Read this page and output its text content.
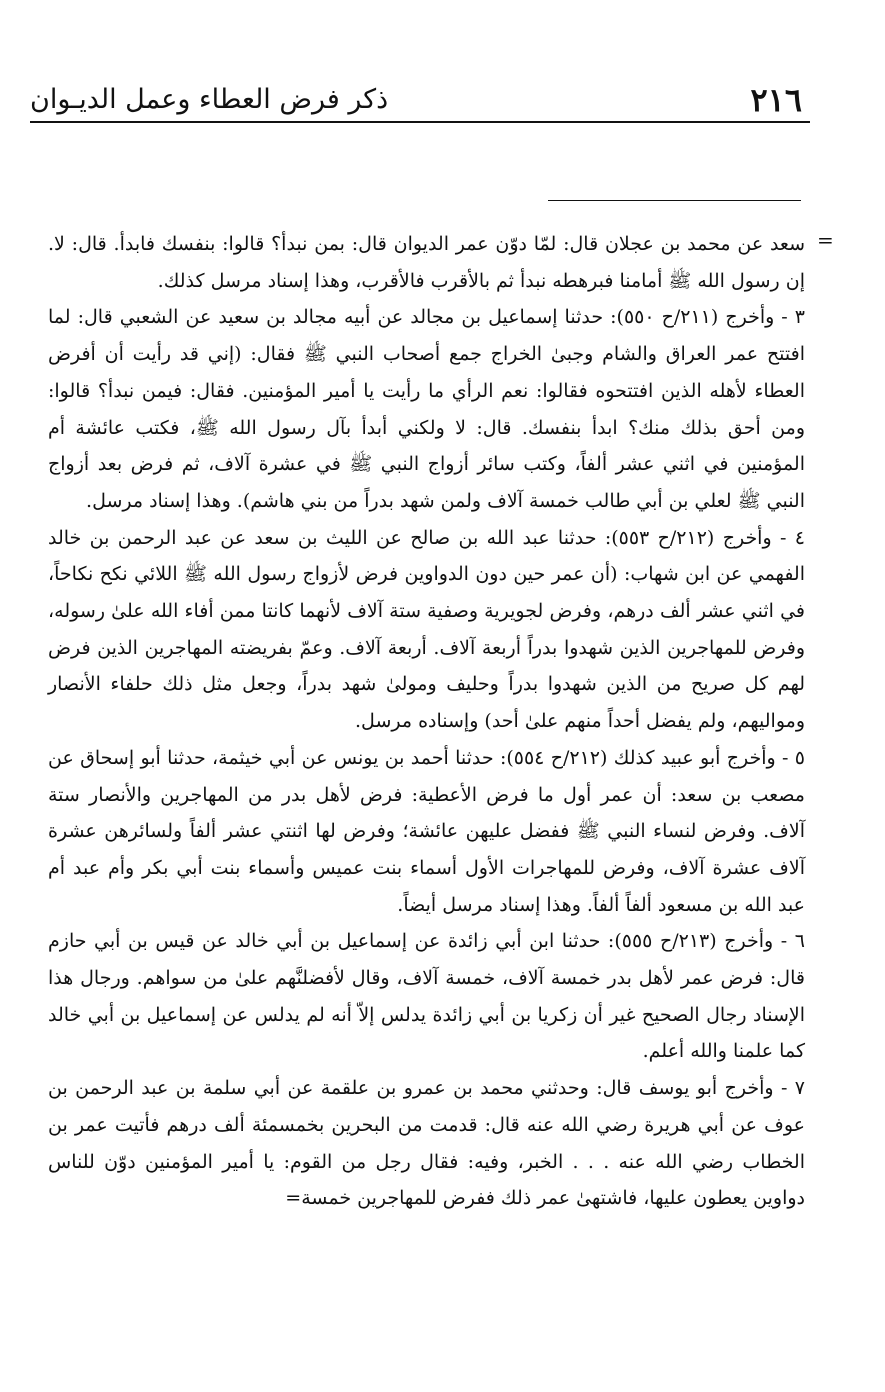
٢١٦
ذكر فرض العطاء وعمل الديـوان
=

سعد عن محمد بن عجلان قال: لمّا دوّن عمر الديوان قال: بمن نبدأ؟ قالوا: بنفسك فابدأ. قال: لا. إن رسول الله ﷺ أمامنا فبرهطه نبدأ ثم بالأقرب فالأقرب، وهذا إسناد مرسل كذلك.

٣ - وأخرج (٢١١/ح ٥٥٠): حدثنا إسماعيل بن مجالد عن أبيه مجالد بن سعيد عن الشعبي قال: لما افتتح عمر العراق والشام وجبىٰ الخراج جمع أصحاب النبي ﷺ فقال: (إني قد رأيت أن أفرض العطاء لأهله الذين افتتحوه فقالوا: نعم الرأي ما رأيت يا أمير المؤمنين. فقال: فيمن نبدأ؟ قالوا: ومن أحق بذلك منك؟ ابدأ بنفسك. قال: لا ولكني أبدأ بآل رسول الله ﷺ، فكتب عائشة أم المؤمنين في اثني عشر ألفاً، وكتب سائر أزواج النبي ﷺ في عشرة آلاف، ثم فرض بعد أزواج النبي ﷺ لعلي بن أبي طالب خمسة آلاف ولمن شهد بدراً من بني هاشم). وهذا إسناد مرسل.

٤ - وأخرج (٢١٢/ح ٥٥٣): حدثنا عبد الله بن صالح عن الليث بن سعد عن عبد الرحمن بن خالد الفهمي عن ابن شهاب: (أن عمر حين دون الدواوين فرض لأزواج رسول الله ﷺ اللائي نكح نكاحاً، في اثني عشر ألف درهم، وفرض لجويرية وصفية ستة آلاف لأنهما كانتا ممن أفاء الله علىٰ رسوله، وفرض للمهاجرين الذين شهدوا بدراً أربعة آلاف. أربعة آلاف. وعمّ بفريضته المهاجرين الذين فرض لهم كل صريح من الذين شهدوا بدراً وحليف ومولىٰ شهد بدراً، وجعل مثل ذلك حلفاء الأنصار ومواليهم، ولم يفضل أحداً منهم علىٰ أحد) وإسناده مرسل.

٥ - وأخرج أبو عبيد كذلك (٢١٢/ح ٥٥٤): حدثنا أحمد بن يونس عن أبي خيثمة، حدثنا أبو إسحاق عن مصعب بن سعد: أن عمر أول ما فرض الأعطية: فرض لأهل بدر من المهاجرين والأنصار ستة آلاف. وفرض لنساء النبي ﷺ ففضل عليهن عائشة؛ وفرض لها اثنتي عشر ألفاً ولسائرهن عشرة آلاف عشرة آلاف، وفرض للمهاجرات الأول أسماء بنت عميس وأسماء بنت أبي بكر وأم عبد أم عبد الله بن مسعود ألفاً ألفاً. وهذا إسناد مرسل أيضاً.

٦ - وأخرج (٢١٣/ح ٥٥٥): حدثنا ابن أبي زائدة عن إسماعيل بن أبي خالد عن قيس بن أبي حازم قال: فرض عمر لأهل بدر خمسة آلاف، خمسة آلاف، وقال لأفضلنَّهم علىٰ من سواهم. ورجال هذا الإسناد رجال الصحيح غير أن زكريا بن أبي زائدة يدلس إلاّ أنه لم يدلس عن إسماعيل بن أبي خالد كما علمنا والله أعلم.

٧ - وأخرج أبو يوسف قال: وحدثني محمد بن عمرو بن علقمة عن أبي سلمة بن عبد الرحمن بن عوف عن أبي هريرة رضي الله عنه قال: قدمت من البحرين بخمسمئة ألف درهم فأتيت عمر بن الخطاب رضي الله عنه . . . الخبر، وفيه: فقال رجل من القوم: يا أمير المؤمنين دوّن للناس دواوين يعطون عليها، فاشتهىٰ عمر ذلك ففرض للمهاجرين خمسة=
